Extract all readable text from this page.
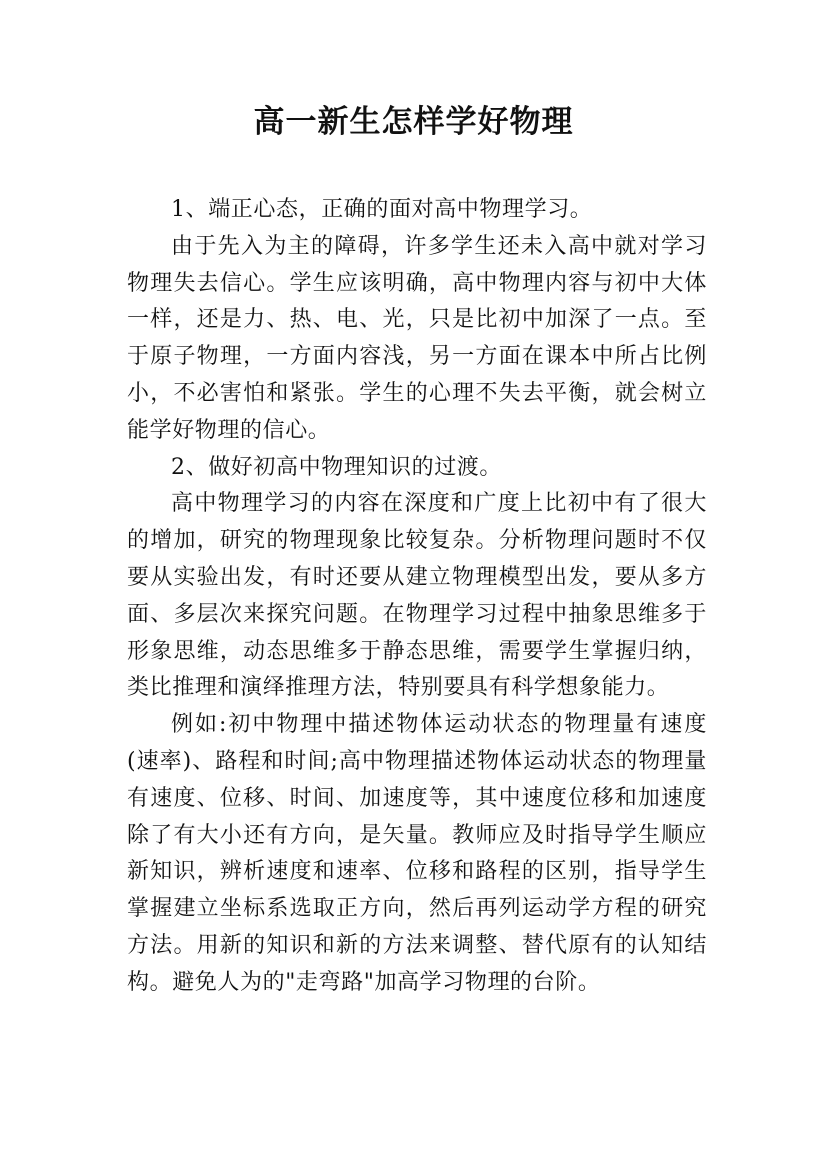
高一新生怎样学好物理

1、端正心态，正确的面对高中物理学习。

由于先入为主的障碍，许多学生还未入高中就对学习物理失去信心。学生应该明确，高中物理内容与初中大体一样，还是力、热、电、光，只是比初中加深了一点。至于原子物理，一方面内容浅，另一方面在课本中所占比例小，不必害怕和紧张。学生的心理不失去平衡，就会树立能学好物理的信心。

2、做好初高中物理知识的过渡。

高中物理学习的内容在深度和广度上比初中有了很大的增加，研究的物理现象比较复杂。分析物理问题时不仅要从实验出发，有时还要从建立物理模型出发，要从多方面、多层次来探究问题。在物理学习过程中抽象思维多于形象思维，动态思维多于静态思维，需要学生掌握归纳，类比推理和演绎推理方法，特别要具有科学想象能力。

例如:初中物理中描述物体运动状态的物理量有速度(速率)、路程和时间;高中物理描述物体运动状态的物理量有速度、位移、时间、加速度等，其中速度位移和加速度除了有大小还有方向，是矢量。教师应及时指导学生顺应新知识，辨析速度和速率、位移和路程的区别，指导学生掌握建立坐标系选取正方向，然后再列运动学方程的研究方法。用新的知识和新的方法来调整、替代原有的认知结构。避免人为的"走弯路"加高学习物理的台阶。
